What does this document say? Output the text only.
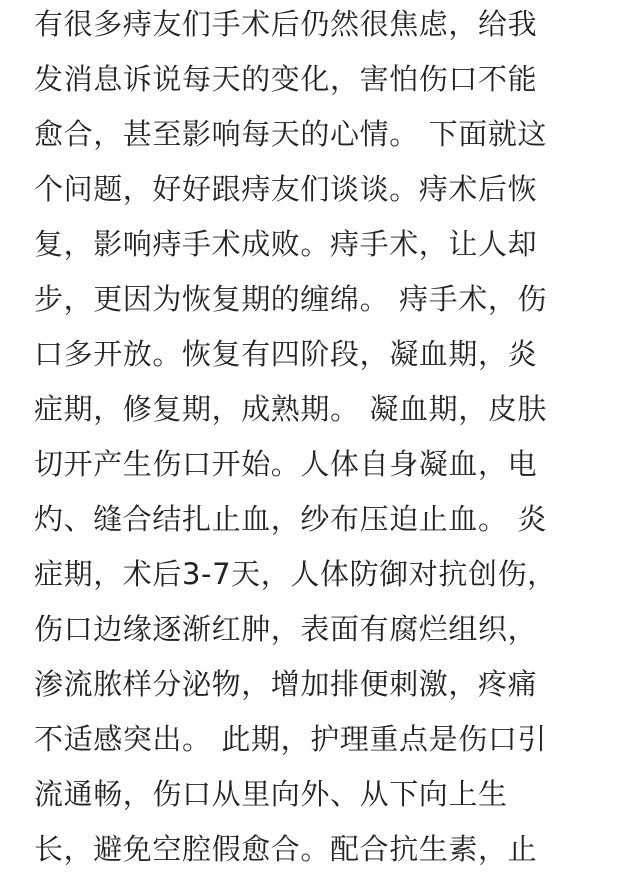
有很多痔友们手术后仍然很焦虑，给我

发消息诉说每天的变化，害怕伤口不能

愈合，甚至影响每天的心情。 下面就这

个问题，好好跟痔友们谈谈。痔术后恢

复，影响痔手术成败。痔手术，让人却

步，更因为恢复期的缠绵。 痔手术，伤

口多开放。恢复有四阶段，凝血期，炎

症期，修复期，成熟期。 凝血期，皮肤

切开产生伤口开始。人体自身凝血，电

灼、缝合结扎止血，纱布压迫止血。 炎

症期，术后3-7天，人体防御对抗创伤，

伤口边缘逐渐红肿，表面有腐烂组织，

渗流脓样分泌物，增加排便刺激，疼痛

不适感突出。 此期，护理重点是伤口引

流通畅，伤口从里向外、从下向上生

长，避免空腔假愈合。配合抗生素，止
